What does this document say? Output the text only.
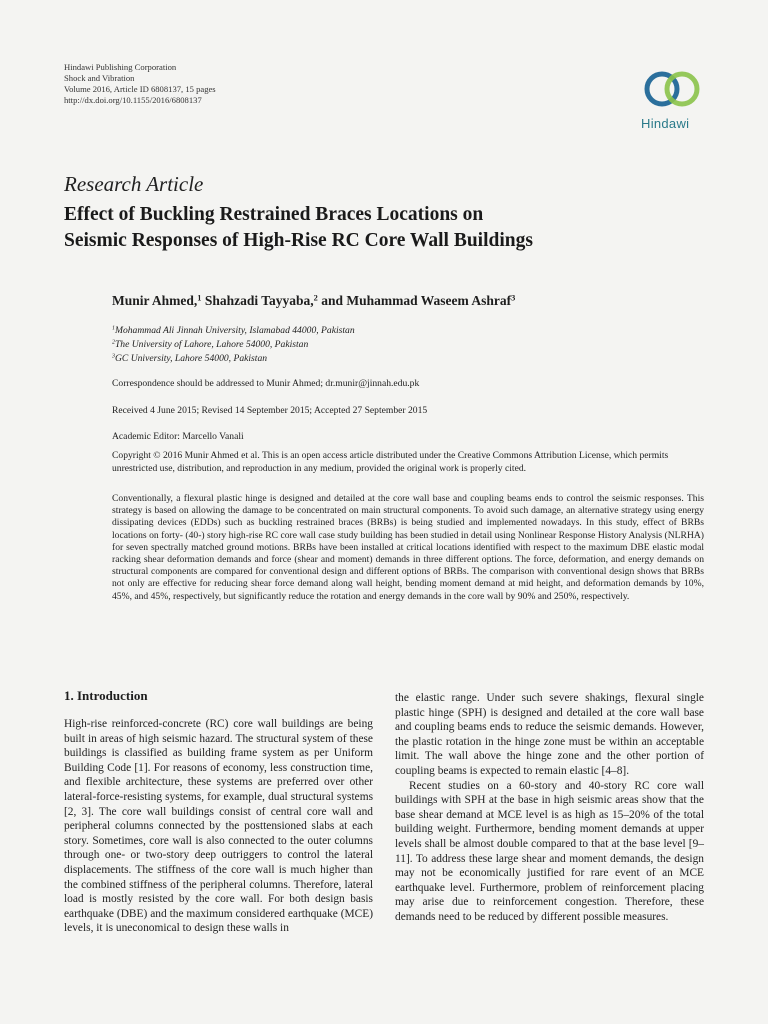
Hindawi Publishing Corporation
Shock and Vibration
Volume 2016, Article ID 6808137, 15 pages
http://dx.doi.org/10.1155/2016/6808137
Hindawi
Research Article
Effect of Buckling Restrained Braces Locations on
Seismic Responses of High-Rise RC Core Wall Buildings
Munir Ahmed,$^1$ Shahzadi Tayyaba,$^2$ and Muhammad Waseem Ashraf$^3$
$^1$Mohammad Ali Jinnah University, Islamabad 44000, Pakistan
$^2$The University of Lahore, Lahore 54000, Pakistan
$^3$GC University, Lahore 54000, Pakistan
Correspondence should be addressed to Munir Ahmed; dr.munir@jinnah.edu.pk
Received 4 June 2015; Revised 14 September 2015; Accepted 27 September 2015
Academic Editor: Marcello Vanali
Copyright © 2016 Munir Ahmed et al. This is an open access article distributed under the Creative Commons Attribution License, which permits unrestricted use, distribution, and reproduction in any medium, provided the original work is properly cited.
Conventionally, a flexural plastic hinge is designed and detailed at the core wall base and coupling beams ends to control the seismic responses. This strategy is based on allowing the damage to be concentrated on main structural components. To avoid such damage, an alternative strategy using energy dissipating devices (EDDs) such as buckling restrained braces (BRBs) is being studied and implemented nowadays. In this study, effect of BRBs locations on forty- (40-) story high-rise RC core wall case study building has been studied in detail using Nonlinear Response History Analysis (NLRHA) for seven spectrally matched ground motions. BRBs have been installed at critical locations identified with respect to the maximum DBE elastic modal racking shear deformation demands and force (shear and moment) demands in three different options. The force, deformation, and energy demands on structural components are compared for conventional design and different options of BRBs. The comparison with conventional design shows that BRBs not only are effective for reducing shear force demand along wall height, bending moment demand at mid height, and deformation demands by 10%, 45%, and 45%, respectively, but significantly reduce the rotation and energy demands in the core wall by 90% and 250%, respectively.
1. Introduction

High-rise reinforced-concrete (RC) core wall buildings are being built in areas of high seismic hazard. The structural system of these buildings is classified as building frame system as per Uniform Building Code [1]. For reasons of economy, less construction time, and flexible architecture, these systems are preferred over other lateral-force-resisting systems, for example, dual structural systems [2, 3]. The core wall buildings consist of central core wall and peripheral columns connected by the posttensioned slabs at each story. Sometimes, core wall is also connected to the outer columns through one- or two-story deep outriggers to control the lateral displacements. The stiffness of the core wall is much higher than the combined stiffness of the peripheral columns. Therefore, lateral load is mostly resisted by the core wall. For both design basis earthquake (DBE) and the maximum considered earthquake (MCE) levels, it is uneconomical to design these walls in

the elastic range. Under such severe shakings, flexural single plastic hinge (SPH) is designed and detailed at the core wall base and coupling beams ends to reduce the seismic demands. However, the plastic rotation in the hinge zone must be within an acceptable limit. The wall above the hinge zone and the other portion of coupling beams is expected to remain elastic [4–8].

Recent studies on a 60-story and 40-story RC core wall buildings with SPH at the base in high seismic areas show that the base shear demand at MCE level is as high as 15–20% of the total building weight. Furthermore, bending moment demands at upper levels shall be almost double compared to that at the base level [9–11]. To address these large shear and moment demands, the design may not be economically justified for rare event of an MCE earthquake level. Furthermore, problem of reinforcement placing may arise due to reinforcement congestion. Therefore, these demands need to be reduced by different possible measures.
